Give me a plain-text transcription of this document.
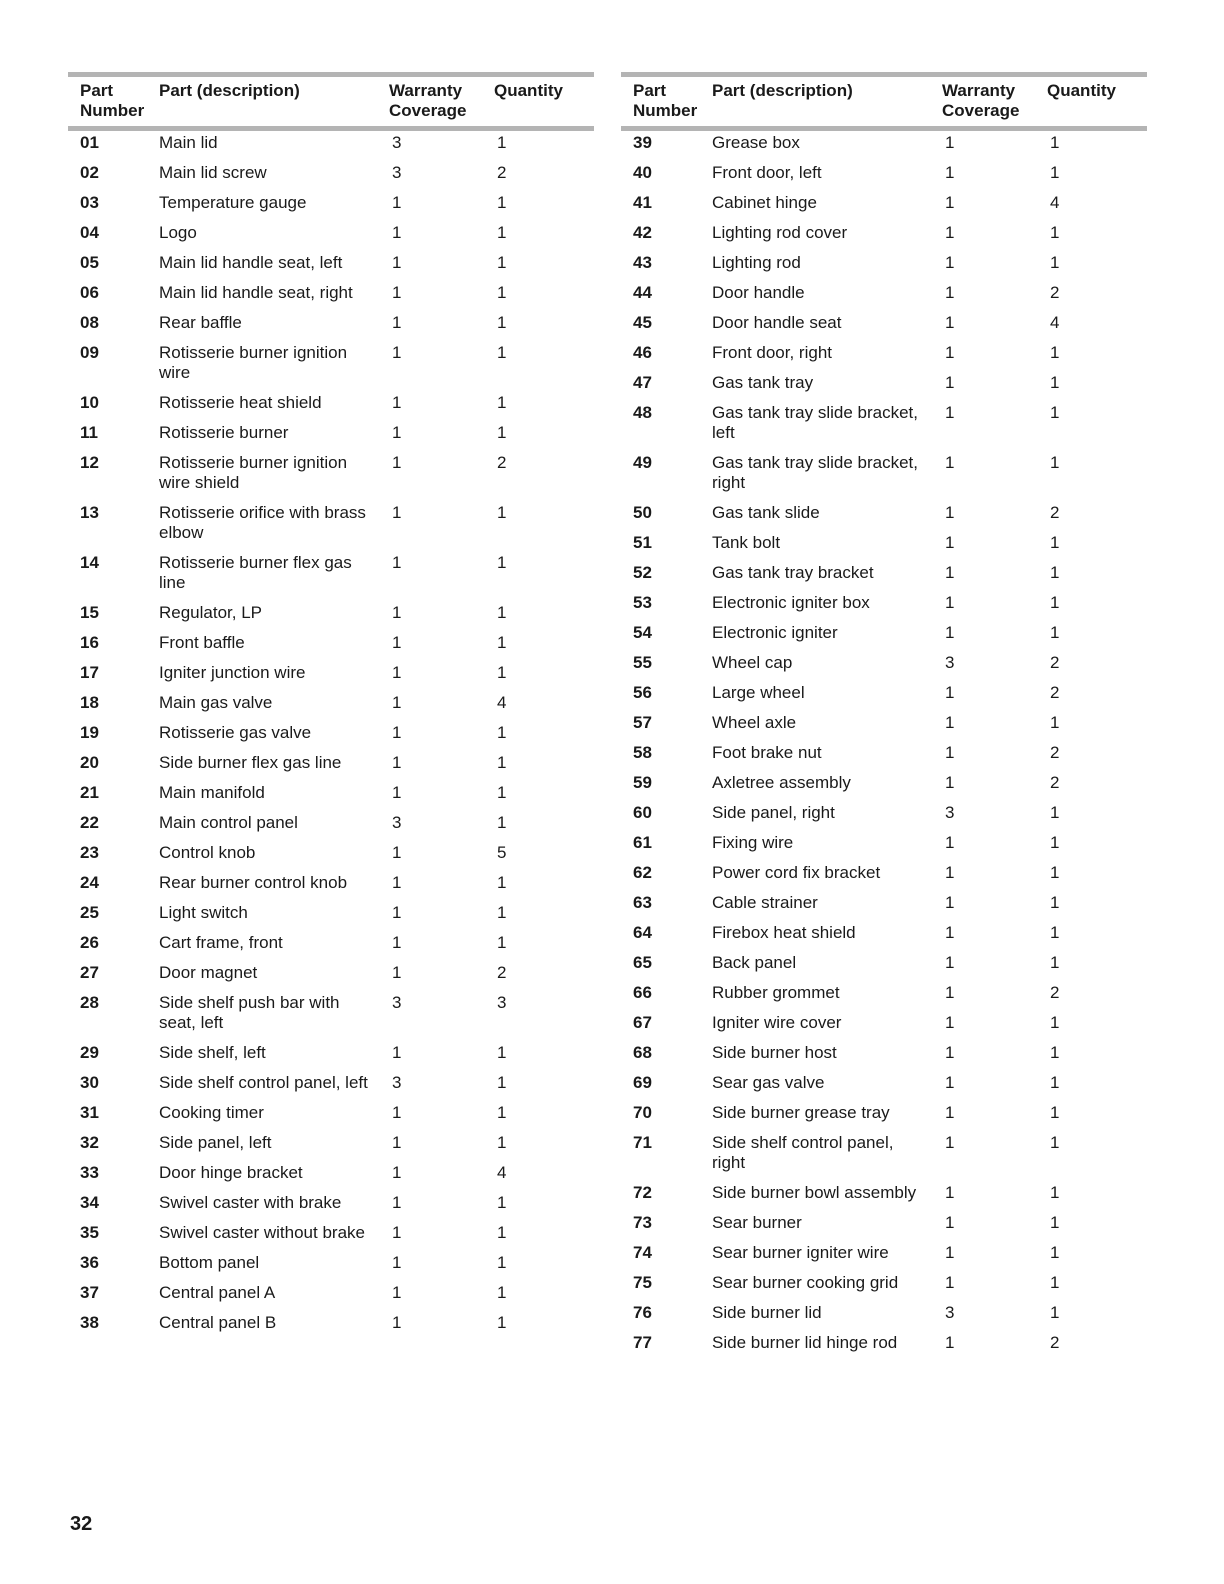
Part
Number	Part (description)	Warranty
Coverage	Quantity
01	Main lid	3	1
02	Main lid screw	3	2
03	Temperature gauge	1	1
04	Logo	1	1
05	Main lid handle seat, left	1	1
06	Main lid handle seat, right	1	1
08	Rear baffle	1	1
09	Rotisserie burner ignition wire	1	1
10	Rotisserie heat shield	1	1
11	Rotisserie burner	1	1
12	Rotisserie burner ignition wire shield	1	2
13	Rotisserie orifice with brass elbow	1	1
14	Rotisserie burner flex gas line	1	1
15	Regulator, LP	1	1
16	Front baffle	1	1
17	Igniter junction wire	1	1
18	Main gas valve	1	4
19	Rotisserie gas valve	1	1
20	Side burner flex gas line	1	1
21	Main manifold	1	1
22	Main control panel	3	1
23	Control knob	1	5
24	Rear burner control knob	1	1
25	Light switch	1	1
26	Cart frame, front	1	1
27	Door magnet	1	2
28	Side shelf push bar with seat, left	3	3
29	Side shelf, left	1	1
30	Side shelf control panel, left	3	1
31	Cooking timer	1	1
32	Side panel, left	1	1
33	Door hinge bracket	1	4
34	Swivel caster with brake	1	1
35	Swivel caster without brake	1	1
36	Bottom panel	1	1
37	Central panel A	1	1
38	Central panel B	1	1
Part
Number	Part (description)	Warranty
Coverage	Quantity
39	Grease box	1	1
40	Front door, left	1	1
41	Cabinet hinge	1	4
42	Lighting rod cover	1	1
43	Lighting rod	1	1
44	Door handle	1	2
45	Door handle seat	1	4
46	Front door, right	1	1
47	Gas tank tray	1	1
48	Gas tank tray slide bracket, left	1	1
49	Gas tank tray slide bracket, right	1	1
50	Gas tank slide	1	2
51	Tank bolt	1	1
52	Gas tank tray bracket	1	1
53	Electronic igniter box	1	1
54	Electronic igniter	1	1
55	Wheel cap	3	2
56	Large wheel	1	2
57	Wheel axle	1	1
58	Foot brake nut	1	2
59	Axletree assembly	1	2
60	Side panel, right	3	1
61	Fixing wire	1	1
62	Power cord fix bracket	1	1
63	Cable strainer	1	1
64	Firebox heat shield	1	1
65	Back panel	1	1
66	Rubber grommet	1	2
67	Igniter wire cover	1	1
68	Side burner host	1	1
69	Sear gas valve	1	1
70	Side burner grease tray	1	1
71	Side shelf control panel, right	1	1
72	Side burner bowl assembly	1	1
73	Sear burner	1	1
74	Sear burner igniter wire	1	1
75	Sear burner cooking grid	1	1
76	Side burner lid	3	1
77	Side burner lid hinge rod	1	2
32
